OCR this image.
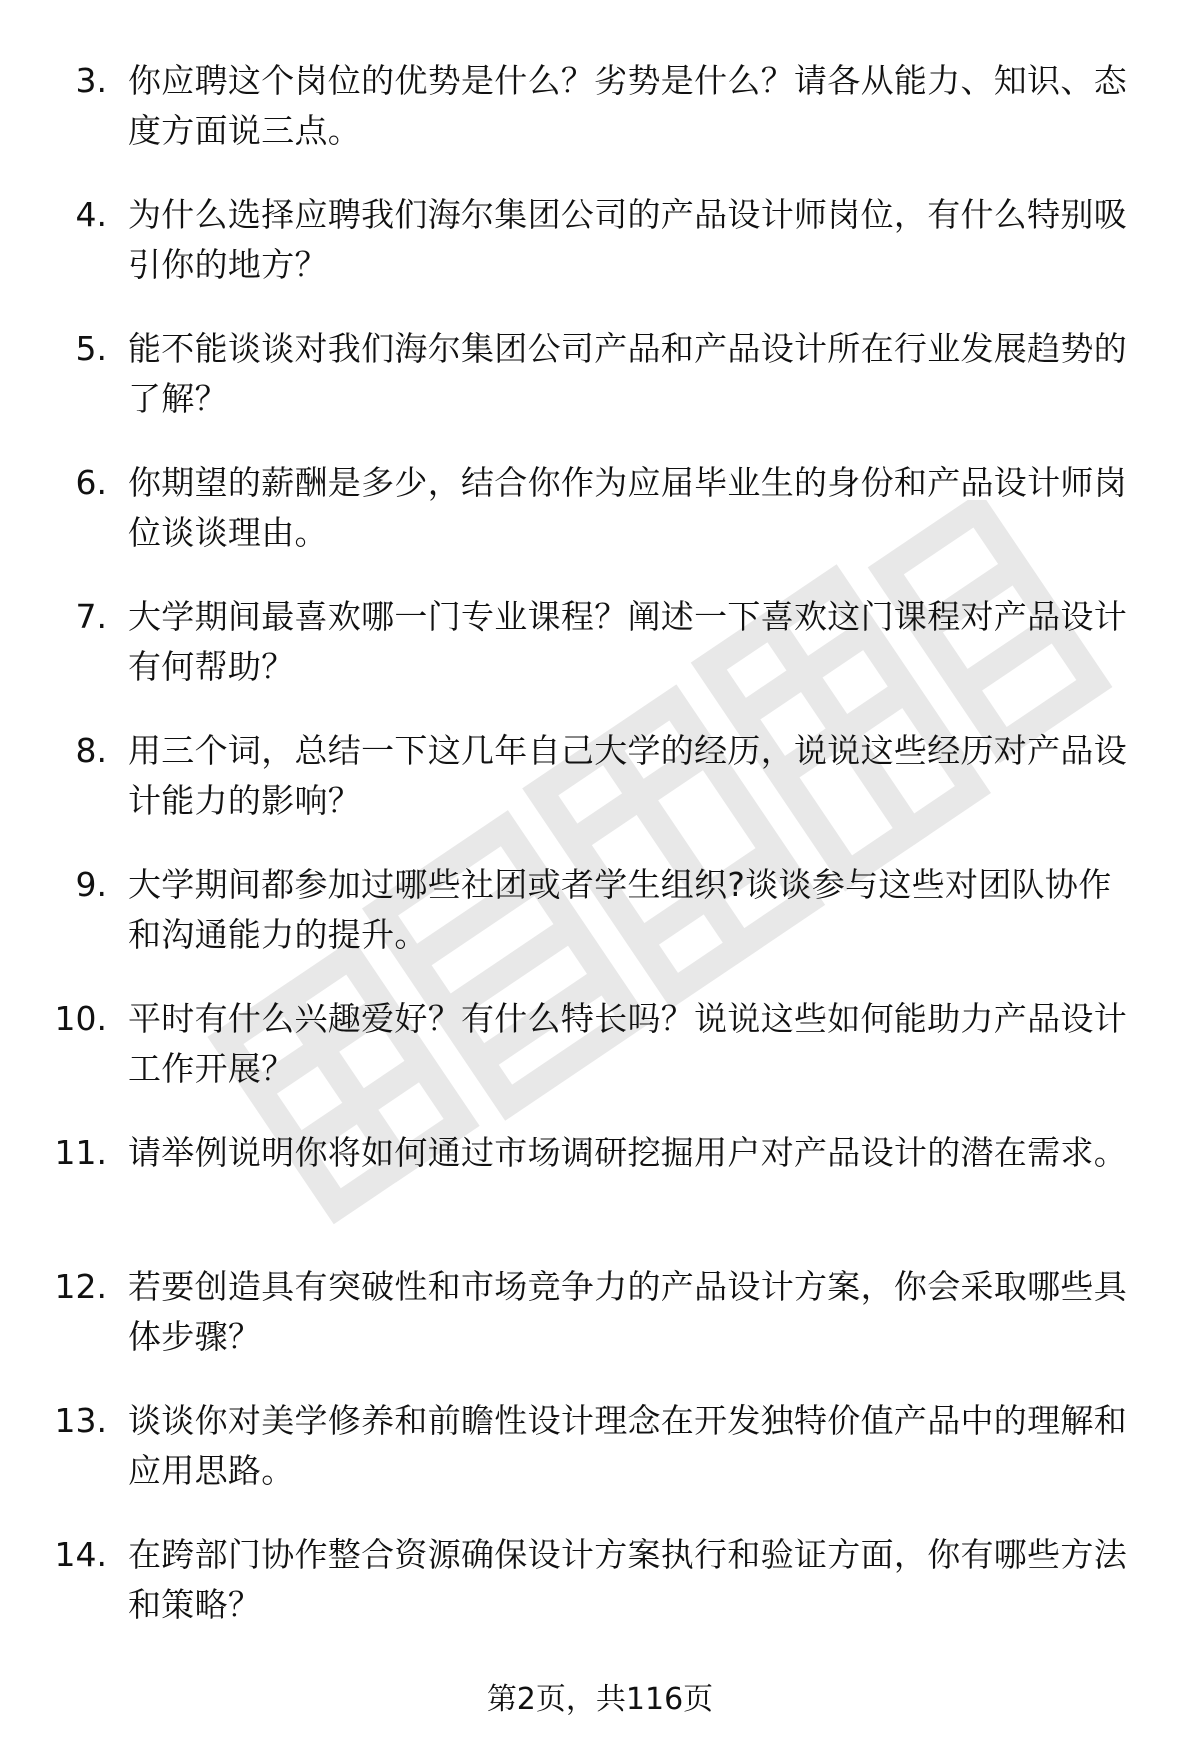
3. 你应聘这个岗位的优势是什么？劣势是什么？请各从能力、知识、态度方面说三点。
4. 为什么选择应聘我们海尔集团公司的产品设计师岗位，有什么特别吸引你的地方？
5. 能不能谈谈对我们海尔集团公司产品和产品设计所在行业发展趋势的了解？
6. 你期望的薪酬是多少，结合你作为应届毕业生的身份和产品设计师岗位谈谈理由。
7. 大学期间最喜欢哪一门专业课程？阐述一下喜欢这门课程对产品设计有何帮助？
8. 用三个词，总结一下这几年自己大学的经历，说说这些经历对产品设计能力的影响？
9. 大学期间都参加过哪些社团或者学生组织?谈谈参与这些对团队协作和沟通能力的提升。
10. 平时有什么兴趣爱好？有什么特长吗？说说这些如何能助力产品设计工作开展？
11. 请举例说明你将如何通过市场调研挖掘用户对产品设计的潜在需求。
12. 若要创造具有突破性和市场竞争力的产品设计方案，你会采取哪些具体步骤？
13. 谈谈你对美学修养和前瞻性设计理念在开发独特价值产品中的理解和应用思路。
14. 在跨部门协作整合资源确保设计方案执行和验证方面，你有哪些方法和策略？
第2页，共116页
